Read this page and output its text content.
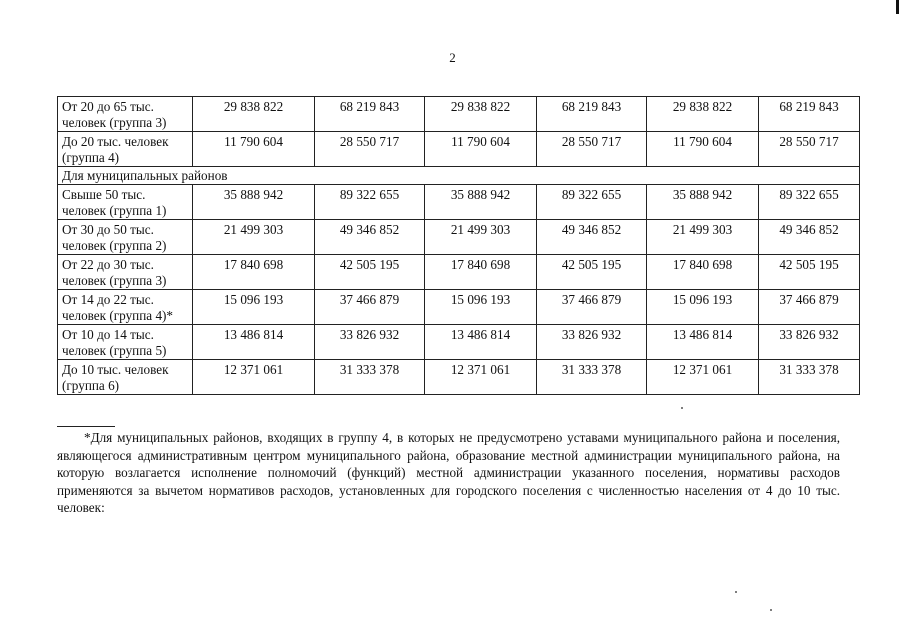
2
От 20 до 65 тыс. человек (группа 3)	29 838 822	68 219 843	29 838 822	68 219 843	29 838 822	68 219 843
До 20 тыс. человек (группа 4)	11 790 604	28 550 717	11 790 604	28 550 717	11 790 604	28 550 717
Для муниципальных районов						
Свыше 50 тыс. человек (группа 1)	35 888 942	89 322 655	35 888 942	89 322 655	35 888 942	89 322 655
От 30 до 50 тыс. человек (группа 2)	21 499 303	49 346 852	21 499 303	49 346 852	21 499 303	49 346 852
От 22 до 30 тыс. человек (группа 3)	17 840 698	42 505 195	17 840 698	42 505 195	17 840 698	42 505 195
От 14 до 22 тыс. человек (группа 4)*	15 096 193	37 466 879	15 096 193	37 466 879	15 096 193	37 466 879
От 10 до 14 тыс. человек (группа 5)	13 486 814	33 826 932	13 486 814	33 826 932	13 486 814	33 826 932
До 10 тыс. человек (группа 6)	12 371 061	31 333 378	12 371 061	31 333 378	12 371 061	31 333 378

*Для муниципальных районов, входящих в группу 4, в которых не предусмотрено уставами муниципального района и поселения, являющегося административным центром муниципального района, образование местной администрации муниципального района, на которую возлагается исполнение полномочий (функций) местной администрации указанного поселения, нормативы расходов применяются за вычетом нормативов расходов, установленных для городского поселения с численностью населения от 4 до 10 тыс. человек:
